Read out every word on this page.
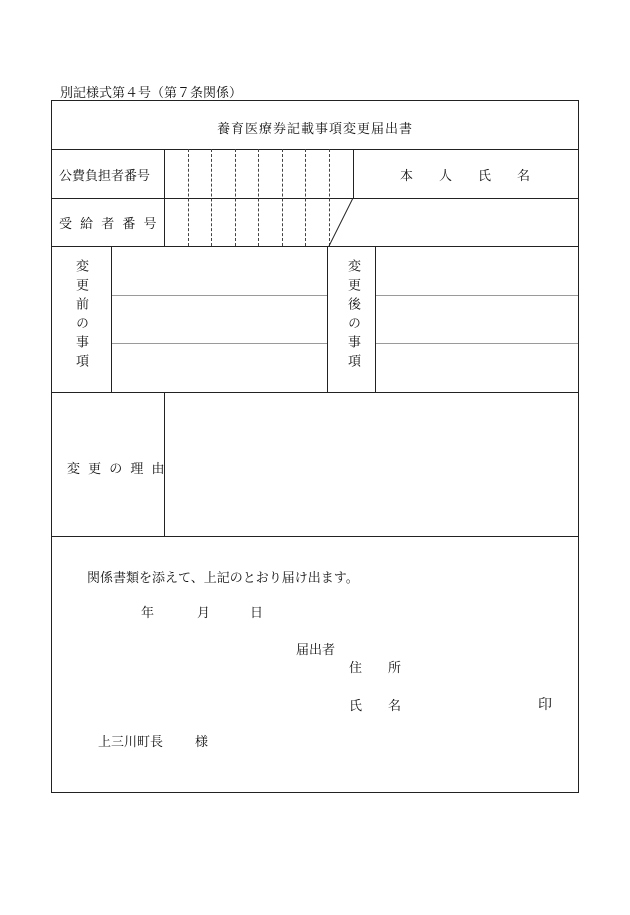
別記様式第４号（第７条関係）
養育医療券記載事項変更届出書
公費負担者番号	本　　人　　氏　　名
受 給 者 番 号
変更前の事項	変更後の事項
変 更 の 理 由
関係書類を添えて、上記のとおり届け出ます。
年	月	日
届出者
住　　所
氏　　名	印
上三川町長 様
